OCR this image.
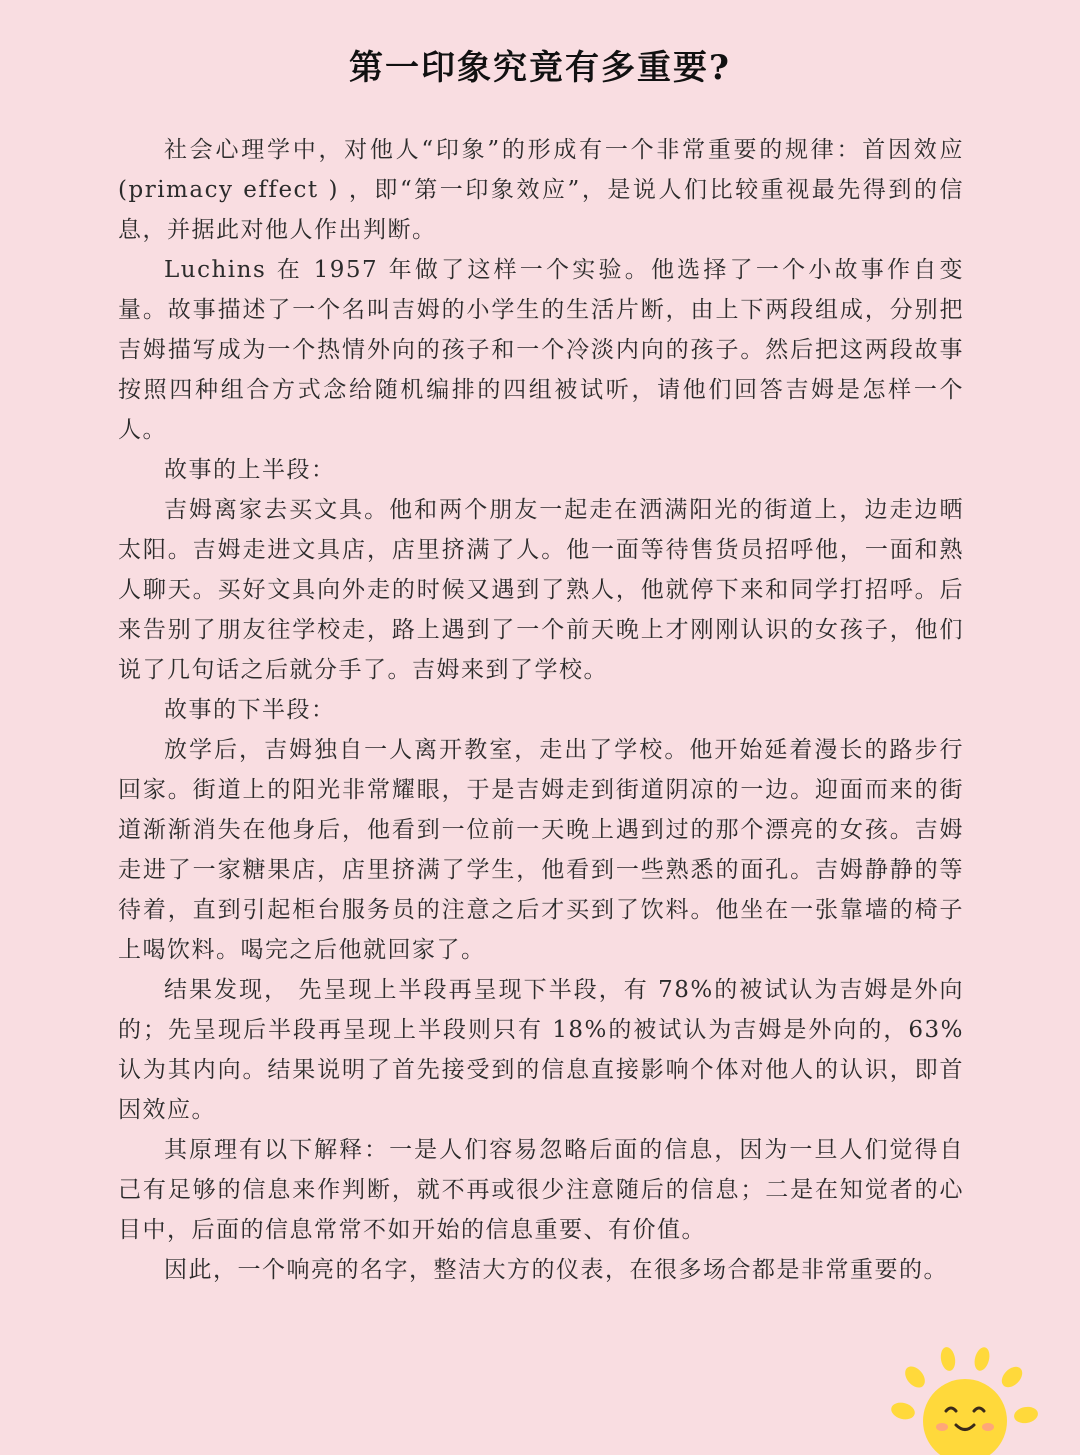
第一印象究竟有多重要?

社会心理学中，对他人“印象”的形成有一个非常重要的规律：首因效应 (primacy effect ) ，即“第一印象效应”，是说人们比较重视最先得到的信息，并据此对他人作出判断。

Luchins 在 1957 年做了这样一个实验。他选择了一个小故事作自变量。故事描述了一个名叫吉姆的小学生的生活片断，由上下两段组成，分别把吉姆描写成为一个热情外向的孩子和一个冷淡内向的孩子。然后把这两段故事按照四种组合方式念给随机编排的四组被试听，请他们回答吉姆是怎样一个人。

故事的上半段：

吉姆离家去买文具。他和两个朋友一起走在洒满阳光的街道上，边走边晒太阳。吉姆走进文具店，店里挤满了人。他一面等待售货员招呼他，一面和熟人聊天。买好文具向外走的时候又遇到了熟人，他就停下来和同学打招呼。后来告别了朋友往学校走，路上遇到了一个前天晚上才刚刚认识的女孩子，他们说了几句话之后就分手了。吉姆来到了学校。

故事的下半段：

放学后，吉姆独自一人离开教室，走出了学校。他开始延着漫长的路步行回家。街道上的阳光非常耀眼，于是吉姆走到街道阴凉的一边。迎面而来的街道渐渐消失在他身后，他看到一位前一天晚上遇到过的那个漂亮的女孩。吉姆走进了一家糖果店，店里挤满了学生，他看到一些熟悉的面孔。吉姆静静的等待着，直到引起柜台服务员的注意之后才买到了饮料。他坐在一张靠墙的椅子上喝饮料。喝完之后他就回家了。

结果发现， 先呈现上半段再呈现下半段，有 78%的被试认为吉姆是外向的；先呈现后半段再呈现上半段则只有 18%的被试认为吉姆是外向的，63%认为其内向。结果说明了首先接受到的信息直接影响个体对他人的认识，即首因效应。

其原理有以下解释：一是人们容易忽略后面的信息，因为一旦人们觉得自己有足够的信息来作判断，就不再或很少注意随后的信息；二是在知觉者的心目中，后面的信息常常不如开始的信息重要、有价值。

因此，一个响亮的名字，整洁大方的仪表，在很多场合都是非常重要的。
